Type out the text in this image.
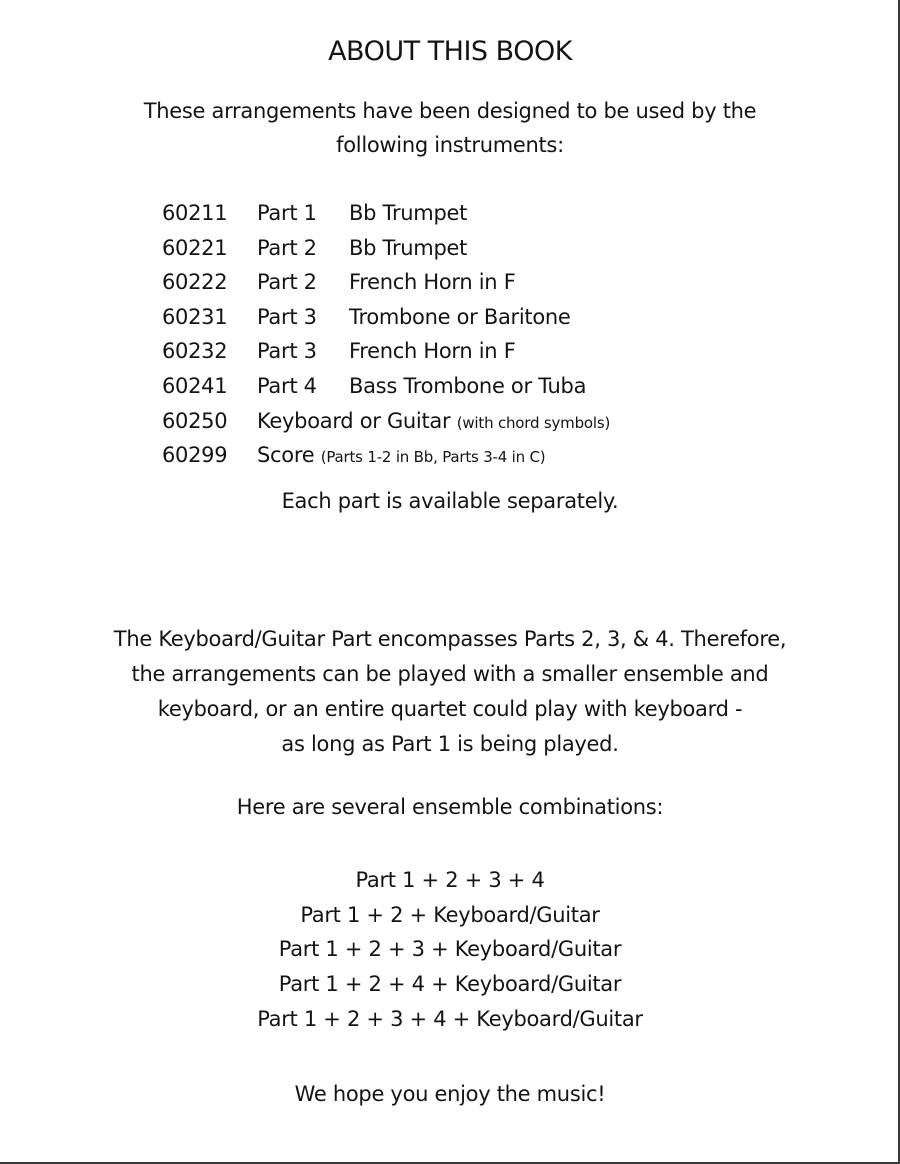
ABOUT THIS BOOK
These arrangements have been designed to be used by the
following instruments:
60211 Part 1 Bb Trumpet
60221 Part 2 Bb Trumpet
60222 Part 2 French Horn in F
60231 Part 3 Trombone or Baritone
60232 Part 3 French Horn in F
60241 Part 4 Bass Trombone or Tuba
60250 Keyboard or Guitar (with chord symbols)
60299 Score (Parts 1-2 in Bb, Parts 3-4 in C)
Each part is available separately.
The Keyboard/Guitar Part encompasses Parts 2, 3, & 4. Therefore,
the arrangements can be played with a smaller ensemble and
keyboard, or an entire quartet could play with keyboard -
as long as Part 1 is being played.
Here are several ensemble combinations:
Part 1 + 2 + 3 + 4
Part 1 + 2 + Keyboard/Guitar
Part 1 + 2 + 3 + Keyboard/Guitar
Part 1 + 2 + 4 + Keyboard/Guitar
Part 1 + 2 + 3 + 4 + Keyboard/Guitar
We hope you enjoy the music!
